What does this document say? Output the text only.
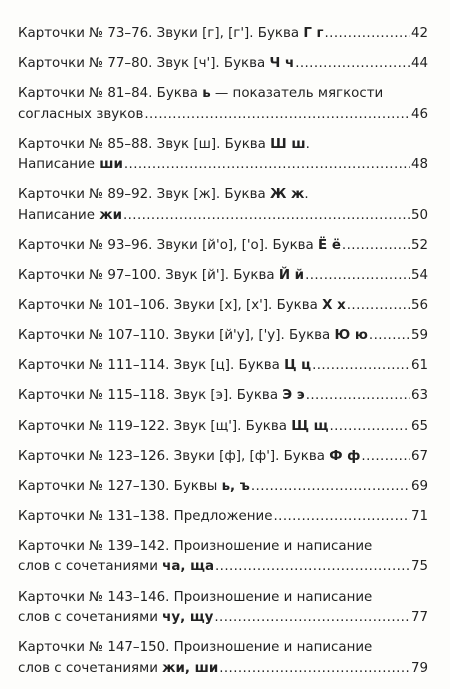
Карточки № 73–76. Звуки [г], [г']. Буква Г г .....	42
Карточки № 77–80. Звук [ч']. Буква Ч ч .....	44
Карточки № 81–84. Буква ь — показатель мягкости
согласных звуков .....	46
Карточки № 85–88. Звук [ш]. Буква Ш ш.
Написание ши .....	48
Карточки № 89–92. Звук [ж]. Буква Ж ж.
Написание жи .....	50
Карточки № 93–96. Звуки [й'о], ['о]. Буква Ё ё .....	52
Карточки № 97–100. Звук [й']. Буква Й й .....	54
Карточки № 101–106. Звуки [х], [х']. Буква Х х .....	56
Карточки № 107–110. Звуки [й'у], ['у]. Буква Ю ю .....	59
Карточки № 111–114. Звук [ц]. Буква Ц ц .....	61
Карточки № 115–118. Звук [э]. Буква Э э .....	63
Карточки № 119–122. Звук [щ']. Буква Щ щ .....	65
Карточки № 123–126. Звуки [ф], [ф']. Буква Ф ф .....	67
Карточки № 127–130. Буквы ь, ъ .....	69
Карточки № 131–138. Предложение .....	71
Карточки № 139–142. Произношение и написание
слов с сочетаниями ча, ща .....	75
Карточки № 143–146. Произношение и написание
слов с сочетаниями чу, щу .....	77
Карточки № 147–150. Произношение и написание
слов с сочетаниями жи, ши .....	79
